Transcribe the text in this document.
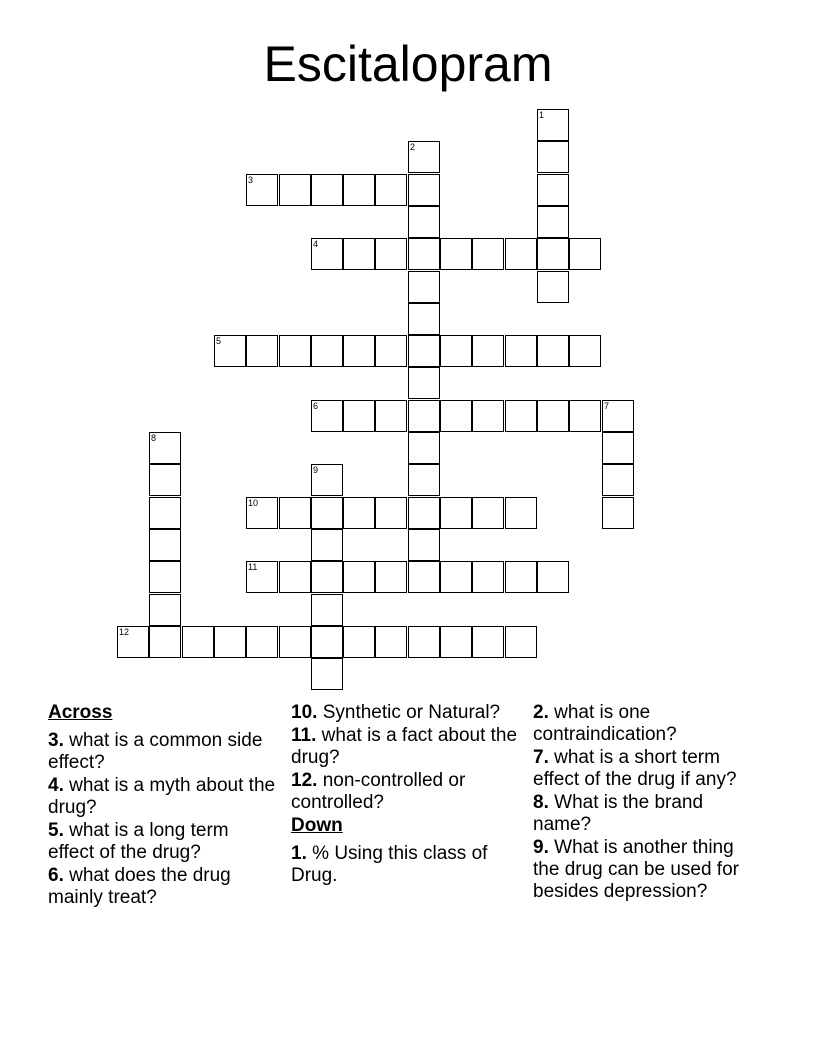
Escitalopram
1
2
3
4
5
6	7
8
9
10
11
12
Across
3. what is a common side effect?
4. what is a myth about the drug?
5. what is a long term effect of the drug?
6. what does the drug mainly treat?
10. Synthetic or Natural?
11. what is a fact about the drug?
12. non-controlled or controlled?
Down
1. % Using this class of Drug.
2. what is one contraindication?
7. what is a short term effect of the drug if any?
8. What is the brand name?
9. What is another thing the drug can be used for besides depression?
